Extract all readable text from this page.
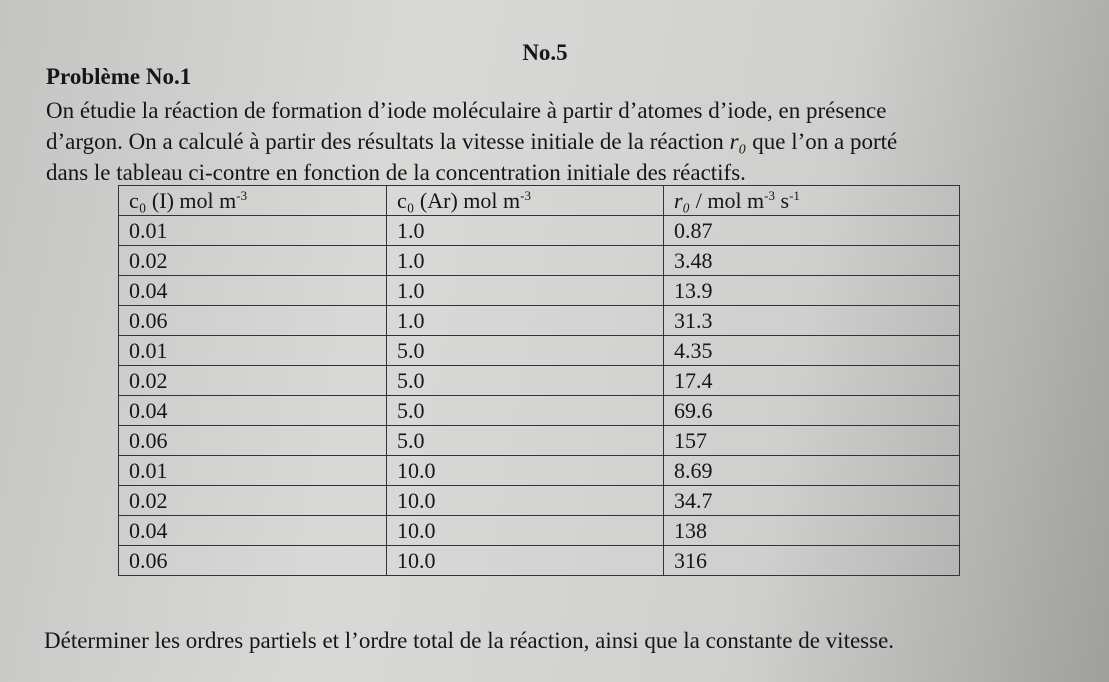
No.5
Problème No.1

On étudie la réaction de formation d’iode moléculaire à partir d’atomes d’iode, en présence
d’argon. On a calculé à partir des résultats la vitesse initiale de la réaction r₀ que l’on a porté
dans le tableau ci-contre en fonction de la concentration initiale des réactifs.

c₀ (I) mol $m^{-3}$	c₀ (Ar) mol $m^{-3}$	r₀ / mol $m^{-3}$ $s^{-1}$
0.01	1.0	0.87
0.02	1.0	3.48
0.04	1.0	13.9
0.06	1.0	31.3
0.01	5.0	4.35
0.02	5.0	17.4
0.04	5.0	69.6
0.06	5.0	157
0.01	10.0	8.69
0.02	10.0	34.7
0.04	10.0	138
0.06	10.0	316
Déterminer les ordres partiels et l’ordre total de la réaction, ainsi que la constante de vitesse.
